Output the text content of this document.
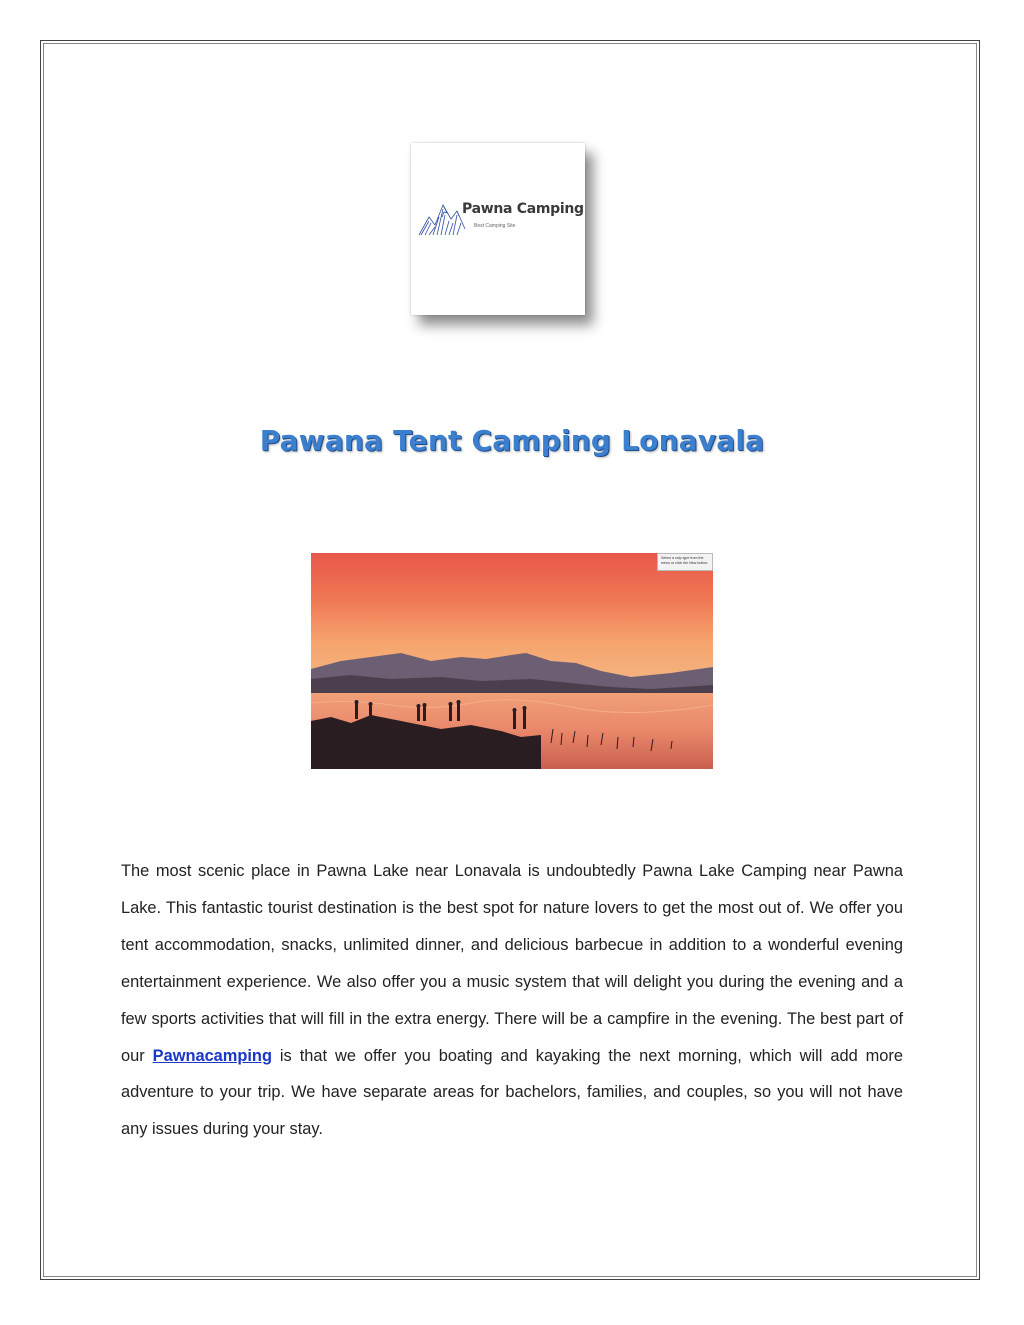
Pawna Camping
Best Camping Site
Pawana Tent Camping Lonavala
Select a snip type from the menu or click the New button.
The most scenic place in Pawna Lake near Lonavala is undoubtedly Pawna Lake Camping near Pawna Lake. This fantastic tourist destination is the best spot for nature lovers to get the most out of. We offer you tent accommodation, snacks, unlimited dinner, and delicious barbecue in addition to a wonderful evening entertainment experience. We also offer you a music system that will delight you during the evening and a few sports activities that will fill in the extra energy. There will be a campfire in the evening. The best part of our Pawnacamping is that we offer you boating and kayaking the next morning, which will add more adventure to your trip. We have separate areas for bachelors, families, and couples, so you will not have any issues during your stay.
